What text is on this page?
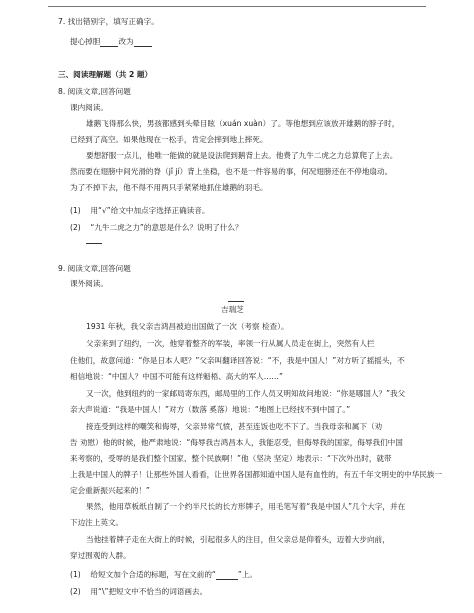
7. 找出错别字，填写正确字。
提心掉胆 改为
三、阅读理解题（共 2 题）
8. 阅读文章,回答问题
课内阅读。
雄鹅飞得那么快，男孩都感到头晕目眩（xuán xuàn）了。等他想到应该放开雄鹅的脖子时，
已经到了高空。如果他现在一松手，肯定会摔到地上摔死。
要想舒服一点儿，他唯一能做的就是设法爬到鹅背上去。他费了九牛二虎之力总算爬了上去。
然而要在翅膀中间光滑的脊（jǐ jí）背上坐稳，也不是一件容易的事，何况翅膀还在不停地扇动。
为了不掉下去，他不得不用两只手紧紧地抓住雄鹅的羽毛。
(1) 用“√”给文中加点字选择正确读音。
(2) “九牛二虎之力”的意思是什么？说明了什么？
9. 阅读文章,回答问题
课外阅读。
吉瑞芝
1931 年秋，我父亲吉鸿昌被迫出国做了一次（考察 检查）。
父亲来到了纽约，一次，他穿着整齐的军装，率领一行从属人员走在街上，突然有人拦
住他们，故意问道：“你是日本人吧？”父亲叫翻译回答说：“不，我是中国人！”对方听了摇摇头，不
相信地说：“中国人？中国不可能有这样魁梧、高大的军人……”
又一次，他到纽约的一家邮局寄东西，邮局里的工作人员又明知故问地说：“你是哪国人？”我父
亲大声说道：“我是中国人！”对方（数落 奚落）地说：“地图上已经找不到中国了。”
接连受到这样的嘲笑和侮辱，父亲异常气愤，甚至连饭也吃不下了。当我母亲和属下（劝
告 劝慰）他的时候，他严肃地说：“侮辱我吉鸿昌本人，我能忍受，但侮辱我的国家，侮辱我们中国
来考察的，受辱的是我们整个国家、整个民族啊！”他（坚决 坚定）地表示：“下次外出时，就带
上我是中国人的牌子！让那些外国人看看，让世界各国都知道中国人是有血性的，有五千年文明史的中华民族一
定会重新振兴起来的！”
果然，他用草板纸自制了一个约半尺长的长方形牌子，用毛笔写着“我是中国人”几个大字，并在
下边注上英文。
当他挂着牌子走在大街上的时候，引起很多人的注目，但父亲总是仰着头，迈着大步向前，
穿过围观的人群。
(1) 给短文加个合适的标题，写在文前的“	”上。
(2) 用“\”把短文中不恰当的词语画去。
